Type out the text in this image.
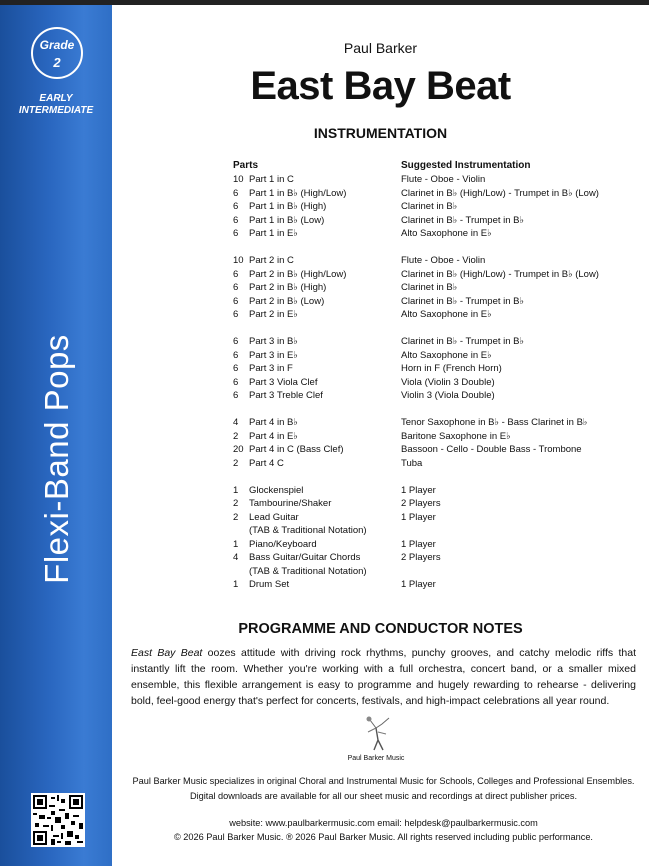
Grade
2
EARLY
INTERMEDIATE
Flexi-Band Pops
Paul Barker
East Bay Beat
INSTRUMENTATION
Parts	Suggested Instrumentation
10 Part 1 in C	Flute - Oboe - Violin
6 Part 1 in B♭ (High/Low)	Clarinet in B♭ (High/Low) - Trumpet in B♭ (Low)
6 Part 1 in B♭ (High)	Clarinet in B♭
6 Part 1 in B♭ (Low)	Clarinet in B♭ - Trumpet in B♭
6 Part 1 in E♭	Alto Saxophone in E♭
10 Part 2 in C	Flute - Oboe - Violin
6 Part 2 in B♭ (High/Low)	Clarinet in B♭ (High/Low) - Trumpet in B♭ (Low)
6 Part 2 in B♭ (High)	Clarinet in B♭
6 Part 2 in B♭ (Low)	Clarinet in B♭ - Trumpet in B♭
6 Part 2 in E♭	Alto Saxophone in E♭
6 Part 3 in B♭	Clarinet in B♭ - Trumpet in B♭
6 Part 3 in E♭	Alto Saxophone in E♭
6 Part 3 in F	Horn in F (French Horn)
6 Part 3 Viola Clef	Viola (Violin 3 Double)
6 Part 3 Treble Clef	Violin 3 (Viola Double)
4 Part 4 in B♭	Tenor Saxophone in B♭ - Bass Clarinet in B♭
2 Part 4 in E♭	Baritone Saxophone in E♭
20 Part 4 in C (Bass Clef)	Bassoon - Cello - Double Bass - Trombone
2 Part 4 C	Tuba
1 Glockenspiel	1 Player
2 Tambourine/Shaker	2 Players
2 Lead Guitar	1 Player
(TAB & Traditional Notation)
1 Piano/Keyboard	1 Player
4 Bass Guitar/Guitar Chords	2 Players
(TAB & Traditional Notation)
1 Drum Set	1 Player
PROGRAMME AND CONDUCTOR NOTES
East Bay Beat oozes attitude with driving rock rhythms, punchy grooves, and catchy melodic riffs that instantly lift the room. Whether you're working with a full orchestra, concert band, or a smaller mixed ensemble, this flexible arrangement is easy to programme and hugely rewarding to rehearse - delivering bold, feel-good energy that's perfect for concerts, festivals, and high-impact celebrations all year round.
Paul Barker Music
Paul Barker Music specializes in original Choral and Instrumental Music for Schools, Colleges and Professional Ensembles. Digital downloads are available for all our sheet music and recordings at direct publisher prices.
website: www.paulbarkermusic.com email: helpdesk@paulbarkermusic.com
© 2026 Paul Barker Music. ® 2026 Paul Barker Music. All rights reserved including public performance.
